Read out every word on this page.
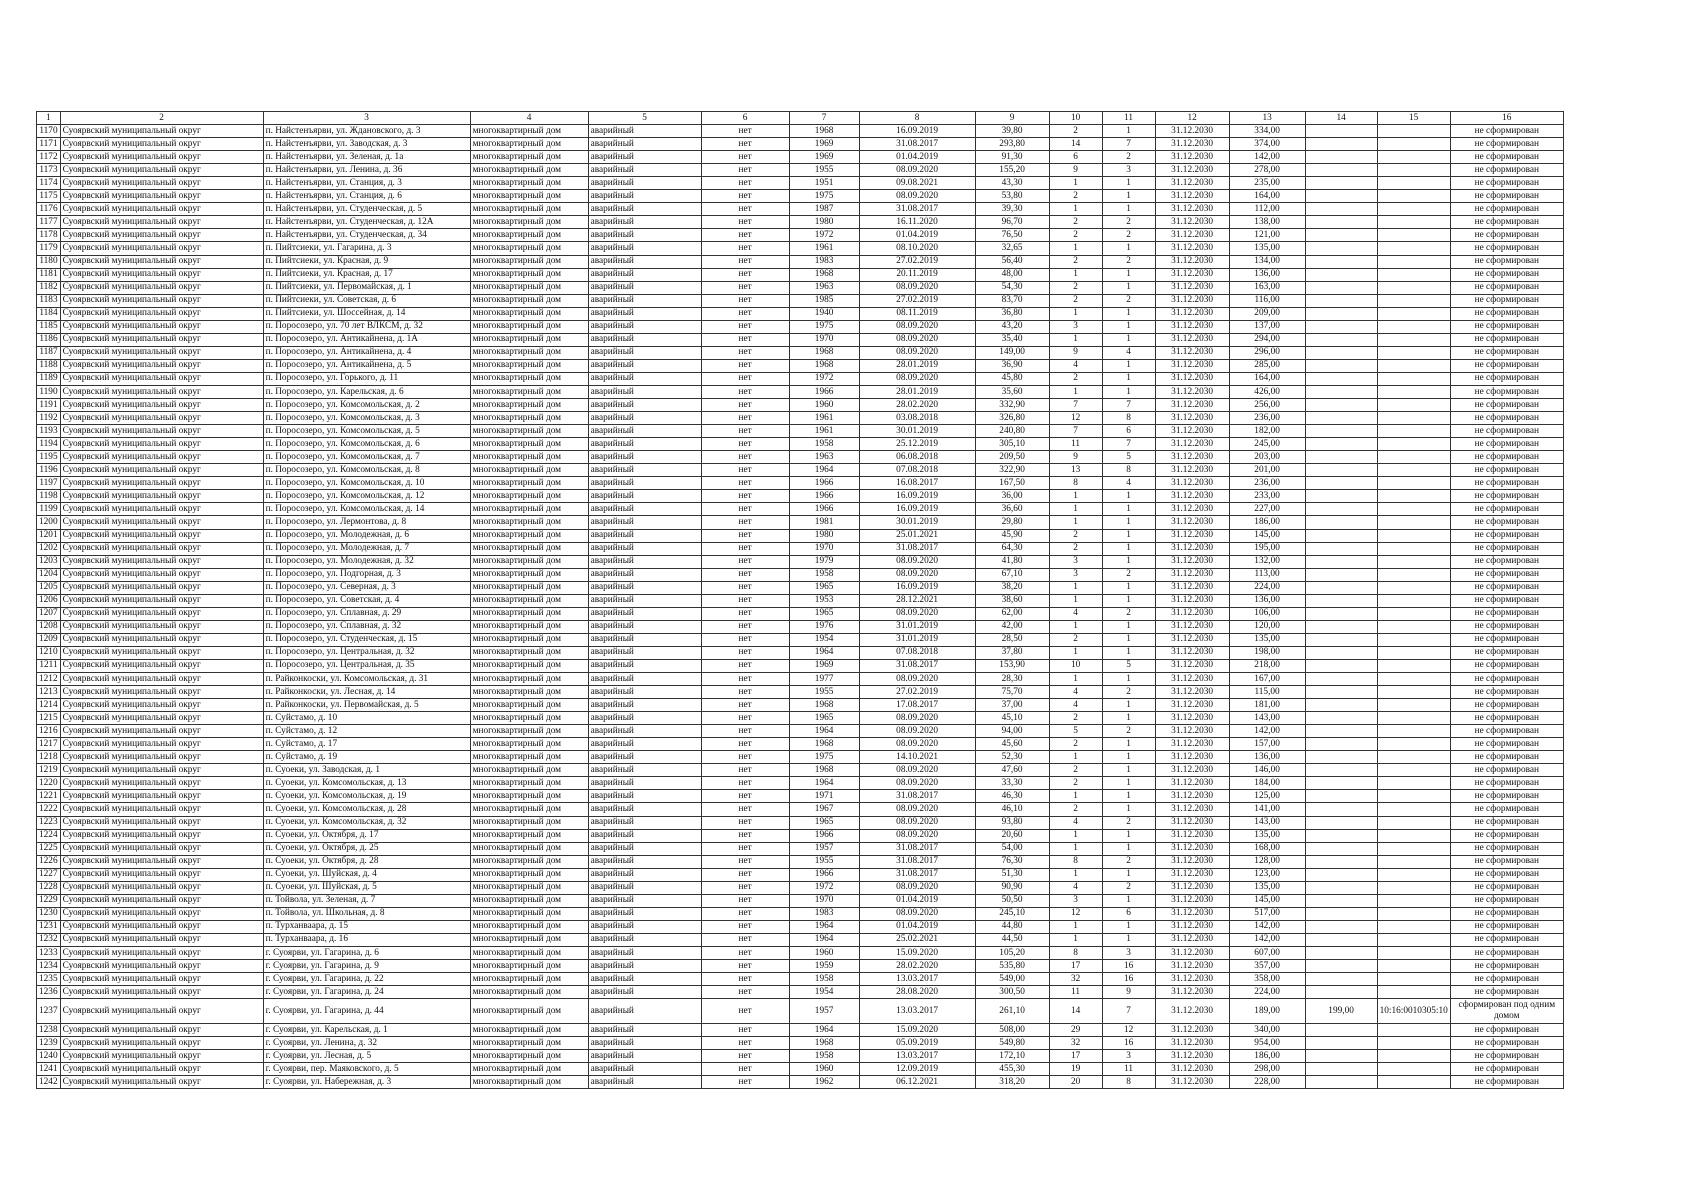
1	2	3	4	5	6	7	8	9	10	11	12	13	14	15	16
1170	Суоярвский муниципальный округ	п. Найстенъярви, ул. Ждановского, д. 3	многоквартирный дом	аварийный	нет	1968	16.09.2019	39,80	2	1	31.12.2030	334,00			не сформирован
1171	Суоярвский муниципальный округ	п. Найстенъярви, ул. Заводская, д. 3	многоквартирный дом	аварийный	нет	1969	31.08.2017	293,80	14	7	31.12.2030	374,00			не сформирован
1172	Суоярвский муниципальный округ	п. Найстенъярви, ул. Зеленая, д. 1а	многоквартирный дом	аварийный	нет	1969	01.04.2019	91,30	6	2	31.12.2030	142,00			не сформирован
1173	Суоярвский муниципальный округ	п. Найстенъярви, ул. Ленина, д. 36	многоквартирный дом	аварийный	нет	1955	08.09.2020	155,20	9	3	31.12.2030	278,00			не сформирован
1174	Суоярвский муниципальный округ	п. Найстенъярви, ул. Станция, д. 3	многоквартирный дом	аварийный	нет	1951	09.08.2021	43,30	1	1	31.12.2030	235,00			не сформирован
1175	Суоярвский муниципальный округ	п. Найстенъярви, ул. Станция, д. 6	многоквартирный дом	аварийный	нет	1975	08.09.2020	53,80	2	1	31.12.2030	164,00			не сформирован
1176	Суоярвский муниципальный округ	п. Найстенъярви, ул. Студенческая, д. 5	многоквартирный дом	аварийный	нет	1987	31.08.2017	39,30	1	1	31.12.2030	112,00			не сформирован
1177	Суоярвский муниципальный округ	п. Найстенъярви, ул. Студенческая, д. 12А	многоквартирный дом	аварийный	нет	1980	16.11.2020	96,70	2	2	31.12.2030	138,00			не сформирован
1178	Суоярвский муниципальный округ	п. Найстенъярви, ул. Студенческая, д. 34	многоквартирный дом	аварийный	нет	1972	01.04.2019	76,50	2	2	31.12.2030	121,00			не сформирован
1179	Суоярвский муниципальный округ	п. Пийтсиеки, ул. Гагарина, д. 3	многоквартирный дом	аварийный	нет	1961	08.10.2020	32,65	1	1	31.12.2030	135,00			не сформирован
1180	Суоярвский муниципальный округ	п. Пийтсиеки, ул. Красная, д. 9	многоквартирный дом	аварийный	нет	1983	27.02.2019	56,40	2	2	31.12.2030	134,00			не сформирован
1181	Суоярвский муниципальный округ	п. Пийтсиеки, ул. Красная, д. 17	многоквартирный дом	аварийный	нет	1968	20.11.2019	48,00	1	1	31.12.2030	136,00			не сформирован
1182	Суоярвский муниципальный округ	п. Пийтсиеки, ул. Первомайская, д. 1	многоквартирный дом	аварийный	нет	1963	08.09.2020	54,30	2	1	31.12.2030	163,00			не сформирован
1183	Суоярвский муниципальный округ	п. Пийтсиеки, ул. Советская, д. 6	многоквартирный дом	аварийный	нет	1985	27.02.2019	83,70	2	2	31.12.2030	116,00			не сформирован
1184	Суоярвский муниципальный округ	п. Пийтсиеки, ул. Шоссейная, д. 14	многоквартирный дом	аварийный	нет	1940	08.11.2019	36,80	1	1	31.12.2030	209,00			не сформирован
1185	Суоярвский муниципальный округ	п. Поросозеро, ул. 70 лет ВЛКСМ, д. 32	многоквартирный дом	аварийный	нет	1975	08.09.2020	43,20	3	1	31.12.2030	137,00			не сформирован
1186	Суоярвский муниципальный округ	п. Поросозеро, ул. Антикайнена, д. 1А	многоквартирный дом	аварийный	нет	1970	08.09.2020	35,40	1	1	31.12.2030	294,00			не сформирован
1187	Суоярвский муниципальный округ	п. Поросозеро, ул. Антикайнена, д. 4	многоквартирный дом	аварийный	нет	1968	08.09.2020	149,00	9	4	31.12.2030	296,00			не сформирован
1188	Суоярвский муниципальный округ	п. Поросозеро, ул. Антикайнена, д. 5	многоквартирный дом	аварийный	нет	1968	28.01.2019	36,90	4	1	31.12.2030	285,00			не сформирован
1189	Суоярвский муниципальный округ	п. Поросозеро, ул. Горького, д. 11	многоквартирный дом	аварийный	нет	1972	08.09.2020	45,80	2	1	31.12.2030	164,00			не сформирован
1190	Суоярвский муниципальный округ	п. Поросозеро, ул. Карельская, д. 6	многоквартирный дом	аварийный	нет	1966	28.01.2019	35,60	1	1	31.12.2030	426,00			не сформирован
1191	Суоярвский муниципальный округ	п. Поросозеро, ул. Комсомольская, д. 2	многоквартирный дом	аварийный	нет	1960	28.02.2020	332,90	7	7	31.12.2030	256,00			не сформирован
1192	Суоярвский муниципальный округ	п. Поросозеро, ул. Комсомольская, д. 3	многоквартирный дом	аварийный	нет	1961	03.08.2018	326,80	12	8	31.12.2030	236,00			не сформирован
1193	Суоярвский муниципальный округ	п. Поросозеро, ул. Комсомольская, д. 5	многоквартирный дом	аварийный	нет	1961	30.01.2019	240,80	7	6	31.12.2030	182,00			не сформирован
1194	Суоярвский муниципальный округ	п. Поросозеро, ул. Комсомольская, д. 6	многоквартирный дом	аварийный	нет	1958	25.12.2019	305,10	11	7	31.12.2030	245,00			не сформирован
1195	Суоярвский муниципальный округ	п. Поросозеро, ул. Комсомольская, д. 7	многоквартирный дом	аварийный	нет	1963	06.08.2018	209,50	9	5	31.12.2030	203,00			не сформирован
1196	Суоярвский муниципальный округ	п. Поросозеро, ул. Комсомольская, д. 8	многоквартирный дом	аварийный	нет	1964	07.08.2018	322,90	13	8	31.12.2030	201,00			не сформирован
1197	Суоярвский муниципальный округ	п. Поросозеро, ул. Комсомольская, д. 10	многоквартирный дом	аварийный	нет	1966	16.08.2017	167,50	8	4	31.12.2030	236,00			не сформирован
1198	Суоярвский муниципальный округ	п. Поросозеро, ул. Комсомольская, д. 12	многоквартирный дом	аварийный	нет	1966	16.09.2019	36,00	1	1	31.12.2030	233,00			не сформирован
1199	Суоярвский муниципальный округ	п. Поросозеро, ул. Комсомольская, д. 14	многоквартирный дом	аварийный	нет	1966	16.09.2019	36,60	1	1	31.12.2030	227,00			не сформирован
1200	Суоярвский муниципальный округ	п. Поросозеро, ул. Лермонтова, д. 8	многоквартирный дом	аварийный	нет	1981	30.01.2019	29,80	1	1	31.12.2030	186,00			не сформирован
1201	Суоярвский муниципальный округ	п. Поросозеро, ул. Молодежная, д. 6	многоквартирный дом	аварийный	нет	1980	25.01.2021	45,90	2	1	31.12.2030	145,00			не сформирован
1202	Суоярвский муниципальный округ	п. Поросозеро, ул. Молодежная, д. 7	многоквартирный дом	аварийный	нет	1970	31.08.2017	64,30	2	1	31.12.2030	195,00			не сформирован
1203	Суоярвский муниципальный округ	п. Поросозеро, ул. Молодежная, д. 32	многоквартирный дом	аварийный	нет	1979	08.09.2020	41,80	3	1	31.12.2030	132,00			не сформирован
1204	Суоярвский муниципальный округ	п. Поросозеро, ул. Подгорная, д. 3	многоквартирный дом	аварийный	нет	1958	08.09.2020	67,10	3	2	31.12.2030	113,00			не сформирован
1205	Суоярвский муниципальный округ	п. Поросозеро, ул. Северная, д. 3	многоквартирный дом	аварийный	нет	1965	16.09.2019	38,20	1	1	31.12.2030	224,00			не сформирован
1206	Суоярвский муниципальный округ	п. Поросозеро, ул. Советская, д. 4	многоквартирный дом	аварийный	нет	1953	28.12.2021	38,60	1	1	31.12.2030	136,00			не сформирован
1207	Суоярвский муниципальный округ	п. Поросозеро, ул. Сплавная, д. 29	многоквартирный дом	аварийный	нет	1965	08.09.2020	62,00	4	2	31.12.2030	106,00			не сформирован
1208	Суоярвский муниципальный округ	п. Поросозеро, ул. Сплавная, д. 32	многоквартирный дом	аварийный	нет	1976	31.01.2019	42,00	1	1	31.12.2030	120,00			не сформирован
1209	Суоярвский муниципальный округ	п. Поросозеро, ул. Студенческая, д. 15	многоквартирный дом	аварийный	нет	1954	31.01.2019	28,50	2	1	31.12.2030	135,00			не сформирован
1210	Суоярвский муниципальный округ	п. Поросозеро, ул. Центральная, д. 32	многоквартирный дом	аварийный	нет	1964	07.08.2018	37,80	1	1	31.12.2030	198,00			не сформирован
1211	Суоярвский муниципальный округ	п. Поросозеро, ул. Центральная, д. 35	многоквартирный дом	аварийный	нет	1969	31.08.2017	153,90	10	5	31.12.2030	218,00			не сформирован
1212	Суоярвский муниципальный округ	п. Райконкоски, ул. Комсомольская, д. 31	многоквартирный дом	аварийный	нет	1977	08.09.2020	28,30	1	1	31.12.2030	167,00			не сформирован
1213	Суоярвский муниципальный округ	п. Райконкоски, ул. Лесная, д. 14	многоквартирный дом	аварийный	нет	1955	27.02.2019	75,70	4	2	31.12.2030	115,00			не сформирован
1214	Суоярвский муниципальный округ	п. Райконкоски, ул. Первомайская, д. 5	многоквартирный дом	аварийный	нет	1968	17.08.2017	37,00	4	1	31.12.2030	181,00			не сформирован
1215	Суоярвский муниципальный округ	п. Суйстамо, д. 10	многоквартирный дом	аварийный	нет	1965	08.09.2020	45,10	2	1	31.12.2030	143,00			не сформирован
1216	Суоярвский муниципальный округ	п. Суйстамо, д. 12	многоквартирный дом	аварийный	нет	1964	08.09.2020	94,00	5	2	31.12.2030	142,00			не сформирован
1217	Суоярвский муниципальный округ	п. Суйстамо, д. 17	многоквартирный дом	аварийный	нет	1968	08.09.2020	45,60	2	1	31.12.2030	157,00			не сформирован
1218	Суоярвский муниципальный округ	п. Суйстамо, д. 19	многоквартирный дом	аварийный	нет	1975	14.10.2021	52,30	1	1	31.12.2030	136,00			не сформирован
1219	Суоярвский муниципальный округ	п. Суоеки, ул. Заводская, д. 1	многоквартирный дом	аварийный	нет	1968	08.09.2020	47,60	2	1	31.12.2030	146,00			не сформирован
1220	Суоярвский муниципальный округ	п. Суоеки, ул. Комсомольская, д. 13	многоквартирный дом	аварийный	нет	1964	08.09.2020	33,30	2	1	31.12.2030	184,00			не сформирован
1221	Суоярвский муниципальный округ	п. Суоеки, ул. Комсомольская, д. 19	многоквартирный дом	аварийный	нет	1971	31.08.2017	46,30	1	1	31.12.2030	125,00			не сформирован
1222	Суоярвский муниципальный округ	п. Суоеки, ул. Комсомольская, д. 28	многоквартирный дом	аварийный	нет	1967	08.09.2020	46,10	2	1	31.12.2030	141,00			не сформирован
1223	Суоярвский муниципальный округ	п. Суоеки, ул. Комсомольская, д. 32	многоквартирный дом	аварийный	нет	1965	08.09.2020	93,80	4	2	31.12.2030	143,00			не сформирован
1224	Суоярвский муниципальный округ	п. Суоеки, ул. Октября, д. 17	многоквартирный дом	аварийный	нет	1966	08.09.2020	20,60	1	1	31.12.2030	135,00			не сформирован
1225	Суоярвский муниципальный округ	п. Суоеки, ул. Октября, д. 25	многоквартирный дом	аварийный	нет	1957	31.08.2017	54,00	1	1	31.12.2030	168,00			не сформирован
1226	Суоярвский муниципальный округ	п. Суоеки, ул. Октября, д. 28	многоквартирный дом	аварийный	нет	1955	31.08.2017	76,30	8	2	31.12.2030	128,00			не сформирован
1227	Суоярвский муниципальный округ	п. Суоеки, ул. Шуйская, д. 4	многоквартирный дом	аварийный	нет	1966	31.08.2017	51,30	1	1	31.12.2030	123,00			не сформирован
1228	Суоярвский муниципальный округ	п. Суоеки, ул. Шуйская, д. 5	многоквартирный дом	аварийный	нет	1972	08.09.2020	90,90	4	2	31.12.2030	135,00			не сформирован
1229	Суоярвский муниципальный округ	п. Тойвола, ул. Зеленая, д. 7	многоквартирный дом	аварийный	нет	1970	01.04.2019	50,50	3	1	31.12.2030	145,00			не сформирован
1230	Суоярвский муниципальный округ	п. Тойвола, ул. Школьная, д. 8	многоквартирный дом	аварийный	нет	1983	08.09.2020	245,10	12	6	31.12.2030	517,00			не сформирован
1231	Суоярвский муниципальный округ	п. Турханваара, д. 15	многоквартирный дом	аварийный	нет	1964	01.04.2019	44,80	1	1	31.12.2030	142,00			не сформирован
1232	Суоярвский муниципальный округ	п. Турханваара, д. 16	многоквартирный дом	аварийный	нет	1964	25.02.2021	44,50	1	1	31.12.2030	142,00			не сформирован
1233	Суоярвский муниципальный округ	г. Суоярви, ул. Гагарина, д. 6	многоквартирный дом	аварийный	нет	1960	15.09.2020	105,20	8	3	31.12.2030	607,00			не сформирован
1234	Суоярвский муниципальный округ	г. Суоярви, ул. Гагарина, д. 9	многоквартирный дом	аварийный	нет	1959	28.02.2020	535,80	17	16	31.12.2030	357,00			не сформирован
1235	Суоярвский муниципальный округ	г. Суоярви, ул. Гагарина, д. 22	многоквартирный дом	аварийный	нет	1958	13.03.2017	549,00	32	16	31.12.2030	358,00			не сформирован
1236	Суоярвский муниципальный округ	г. Суоярви, ул. Гагарина, д. 24	многоквартирный дом	аварийный	нет	1954	28.08.2020	300,50	11	9	31.12.2030	224,00			не сформирован
1237	Суоярвский муниципальный округ	г. Суоярви, ул. Гагарина, д. 44	многоквартирный дом	аварийный	нет	1957	13.03.2017	261,10	14	7	31.12.2030	189,00	199,00	10:16:0010305:10	сформирован под одним домом
1238	Суоярвский муниципальный округ	г. Суоярви, ул. Карельская, д. 1	многоквартирный дом	аварийный	нет	1964	15.09.2020	508,00	29	12	31.12.2030	340,00			не сформирован
1239	Суоярвский муниципальный округ	г. Суоярви, ул. Ленина, д. 32	многоквартирный дом	аварийный	нет	1968	05.09.2019	549,80	32	16	31.12.2030	954,00			не сформирован
1240	Суоярвский муниципальный округ	г. Суоярви, ул. Лесная, д. 5	многоквартирный дом	аварийный	нет	1958	13.03.2017	172,10	17	3	31.12.2030	186,00			не сформирован
1241	Суоярвский муниципальный округ	г. Суоярви, пер. Маяковского, д. 5	многоквартирный дом	аварийный	нет	1960	12.09.2019	455,30	19	11	31.12.2030	298,00			не сформирован
1242	Суоярвский муниципальный округ	г. Суоярви, ул. Набережная, д. 3	многоквартирный дом	аварийный	нет	1962	06.12.2021	318,20	20	8	31.12.2030	228,00			не сформирован
